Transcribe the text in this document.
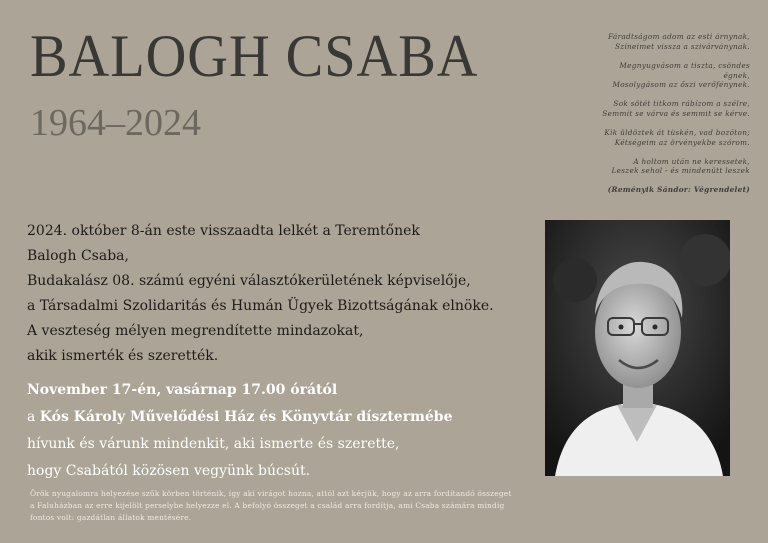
BALOGH CSABA
1964–2024
Fáradtságom adom az esti árnynak,
Színeimet vissza a szivárványnak.
Megnyugvásom a tiszta, csöndes
égnek,
Mosolygásom az őszi verőfénynek.
Sok sötét titkom rábízom a szélre,
Semmit se várva és semmit se kérve.
Kik üldöztek át tüskén, vad bozóton;
Kétségeim az örvényekbe szórom.
A holtom után ne keressetek,
Leszek sehol - és mindenütt leszek
(Reményik Sándor: Végrendelet)
2024. október 8-án este visszaadta lelkét a Teremtőnek
Balogh Csaba,
Budakalász 08. számú egyéni választókerületének képviselője,
a Társadalmi Szolidaritás és Humán Ügyek Bizottságának elnöke.
A veszteség mélyen megrendítette mindazokat,
akik ismerték és szerették.
November 17-én, vasárnap 17.00 órától
a Kós Károly Művelődési Ház és Könyvtár dísztermébe
hívunk és várunk mindenkit, aki ismerte és szerette,
hogy Csabától közösen vegyünk búcsút.
Örök nyugalomra helyezése szűk körben történik, így aki virágot hozna, attól azt kérjük, hogy az arra fordítandó összeget
a Faluházban az erre kijelölt perselybe helyezze el. A befolyó összeget a család arra fordítja, ami Csaba számára mindig
fontos volt: gazdátlan állatok mentésére.
